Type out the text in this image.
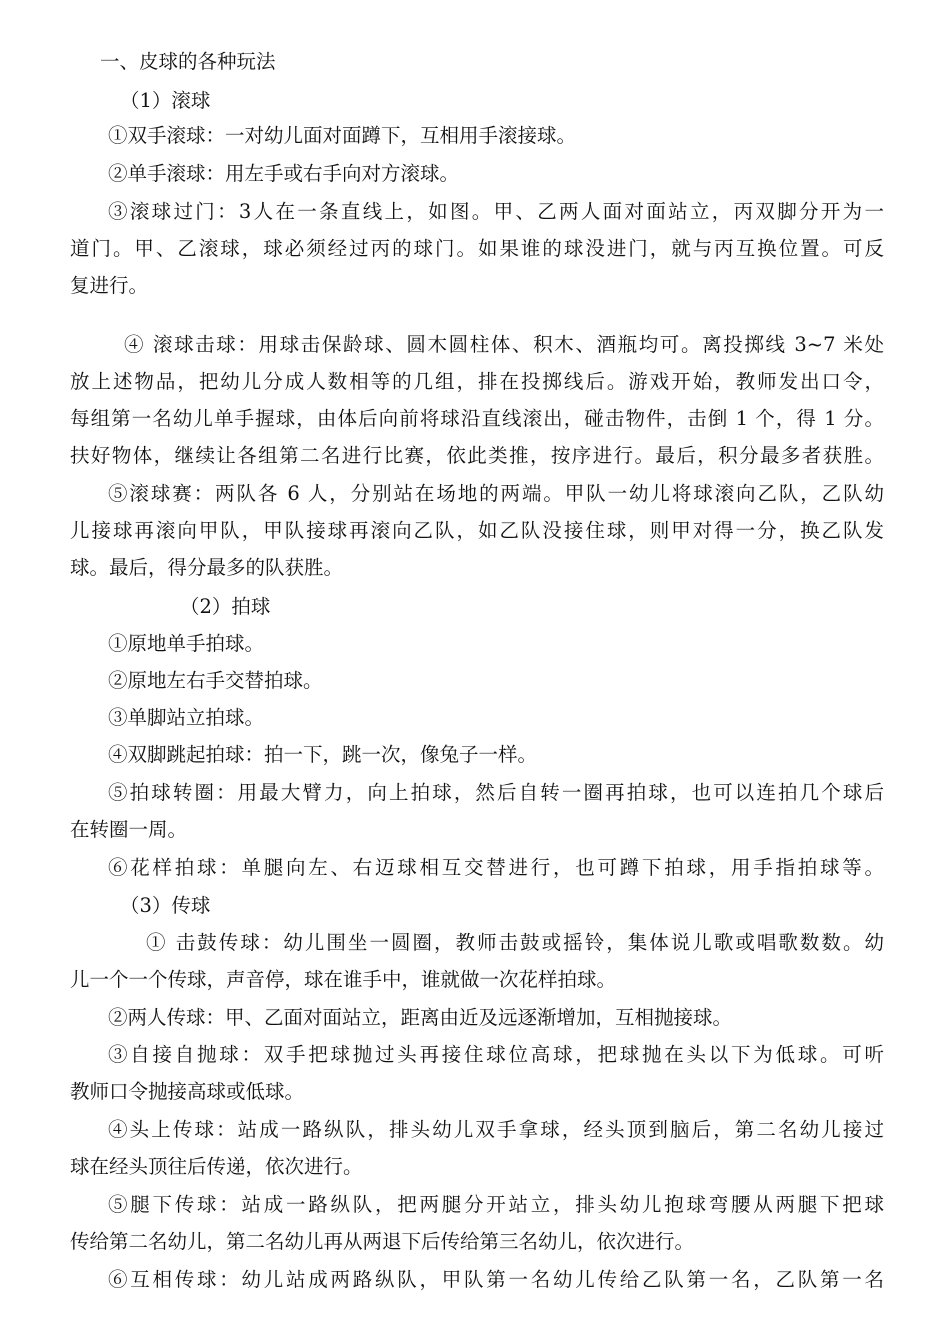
一、皮球的各种玩法
（1）滚球
①双手滚球：一对幼儿面对面蹲下，互相用手滚接球。
②单手滚球：用左手或右手向对方滚球。
③滚球过门：3人在一条直线上，如图。甲、乙两人面对面站立，丙双脚分开为一
道门。甲、乙滚球，球必须经过丙的球门。如果谁的球没进门，就与丙互换位置。可反
复进行。
④ 滚球击球：用球击保龄球、圆木圆柱体、积木、酒瓶均可。离投掷线 3~7 米处
放上述物品，把幼儿分成人数相等的几组，排在投掷线后。游戏开始，教师发出口令，
每组第一名幼儿单手握球，由体后向前将球沿直线滚出，碰击物件，击倒 1 个，得 1 分。
扶好物体，继续让各组第二名进行比赛，依此类推，按序进行。最后，积分最多者获胜。
⑤滚球赛：两队各 6 人，分别站在场地的两端。甲队一幼儿将球滚向乙队，乙队幼
儿接球再滚向甲队，甲队接球再滚向乙队，如乙队没接住球，则甲对得一分，换乙队发
球。最后，得分最多的队获胜。
（2）拍球
①原地单手拍球。
②原地左右手交替拍球。
③单脚站立拍球。
④双脚跳起拍球：拍一下，跳一次，像兔子一样。
⑤拍球转圈：用最大臂力，向上拍球，然后自转一圈再拍球，也可以连拍几个球后
在转圈一周。
⑥花样拍球：单腿向左、右迈球相互交替进行，也可蹲下拍球，用手指拍球等。
（3）传球
① 击鼓传球：幼儿围坐一圆圈，教师击鼓或摇铃，集体说儿歌或唱歌数数。幼
儿一个一个传球，声音停，球在谁手中，谁就做一次花样拍球。
②两人传球：甲、乙面对面站立，距离由近及远逐渐增加，互相抛接球。
③自接自抛球：双手把球抛过头再接住球位高球，把球抛在头以下为低球。可听
教师口令抛接高球或低球。
④头上传球：站成一路纵队，排头幼儿双手拿球，经头顶到脑后，第二名幼儿接过
球在经头顶往后传递，依次进行。
⑤腿下传球：站成一路纵队，把两腿分开站立，排头幼儿抱球弯腰从两腿下把球
传给第二名幼儿，第二名幼儿再从两退下后传给第三名幼儿，依次进行。
⑥互相传球：幼儿站成两路纵队，甲队第一名幼儿传给乙队第一名，乙队第一名
